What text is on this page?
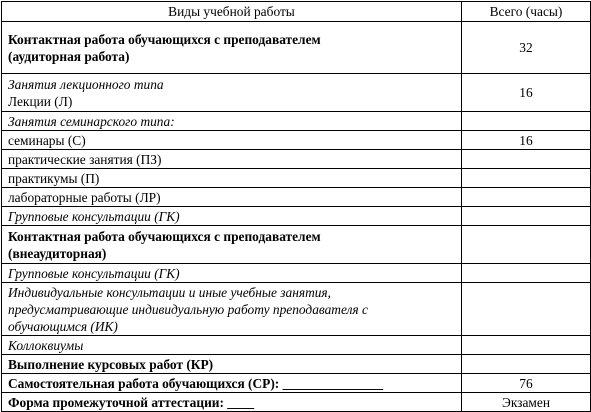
Виды учебной работы	Всего (часы)

Контактная работа обучающихся с преподавателем
(аудиторная работа)	32

Занятия лекционного типа
Лекции (Л)	16
Занятия семинарского типа:	
семинары (С)	16
практические занятия (ПЗ)	
практикумы (П)	
лабораторные работы (ЛР)	
Групповые консультации (ГК)	

Контактная работа обучающихся с преподавателем
(внеаудиторная)	

Групповые консультации (ГК)	

Индивидуальные консультации и иные учебные занятия,
предусматривающие индивидуальную работу преподавателя с
обучающимся (ИК)	

Коллоквиумы	
Выполнение курсовых работ (КР)	
Самостоятельная работа обучающихся (СР): _______________	76
Форма промежуточной аттестации: ____	Экзамен
